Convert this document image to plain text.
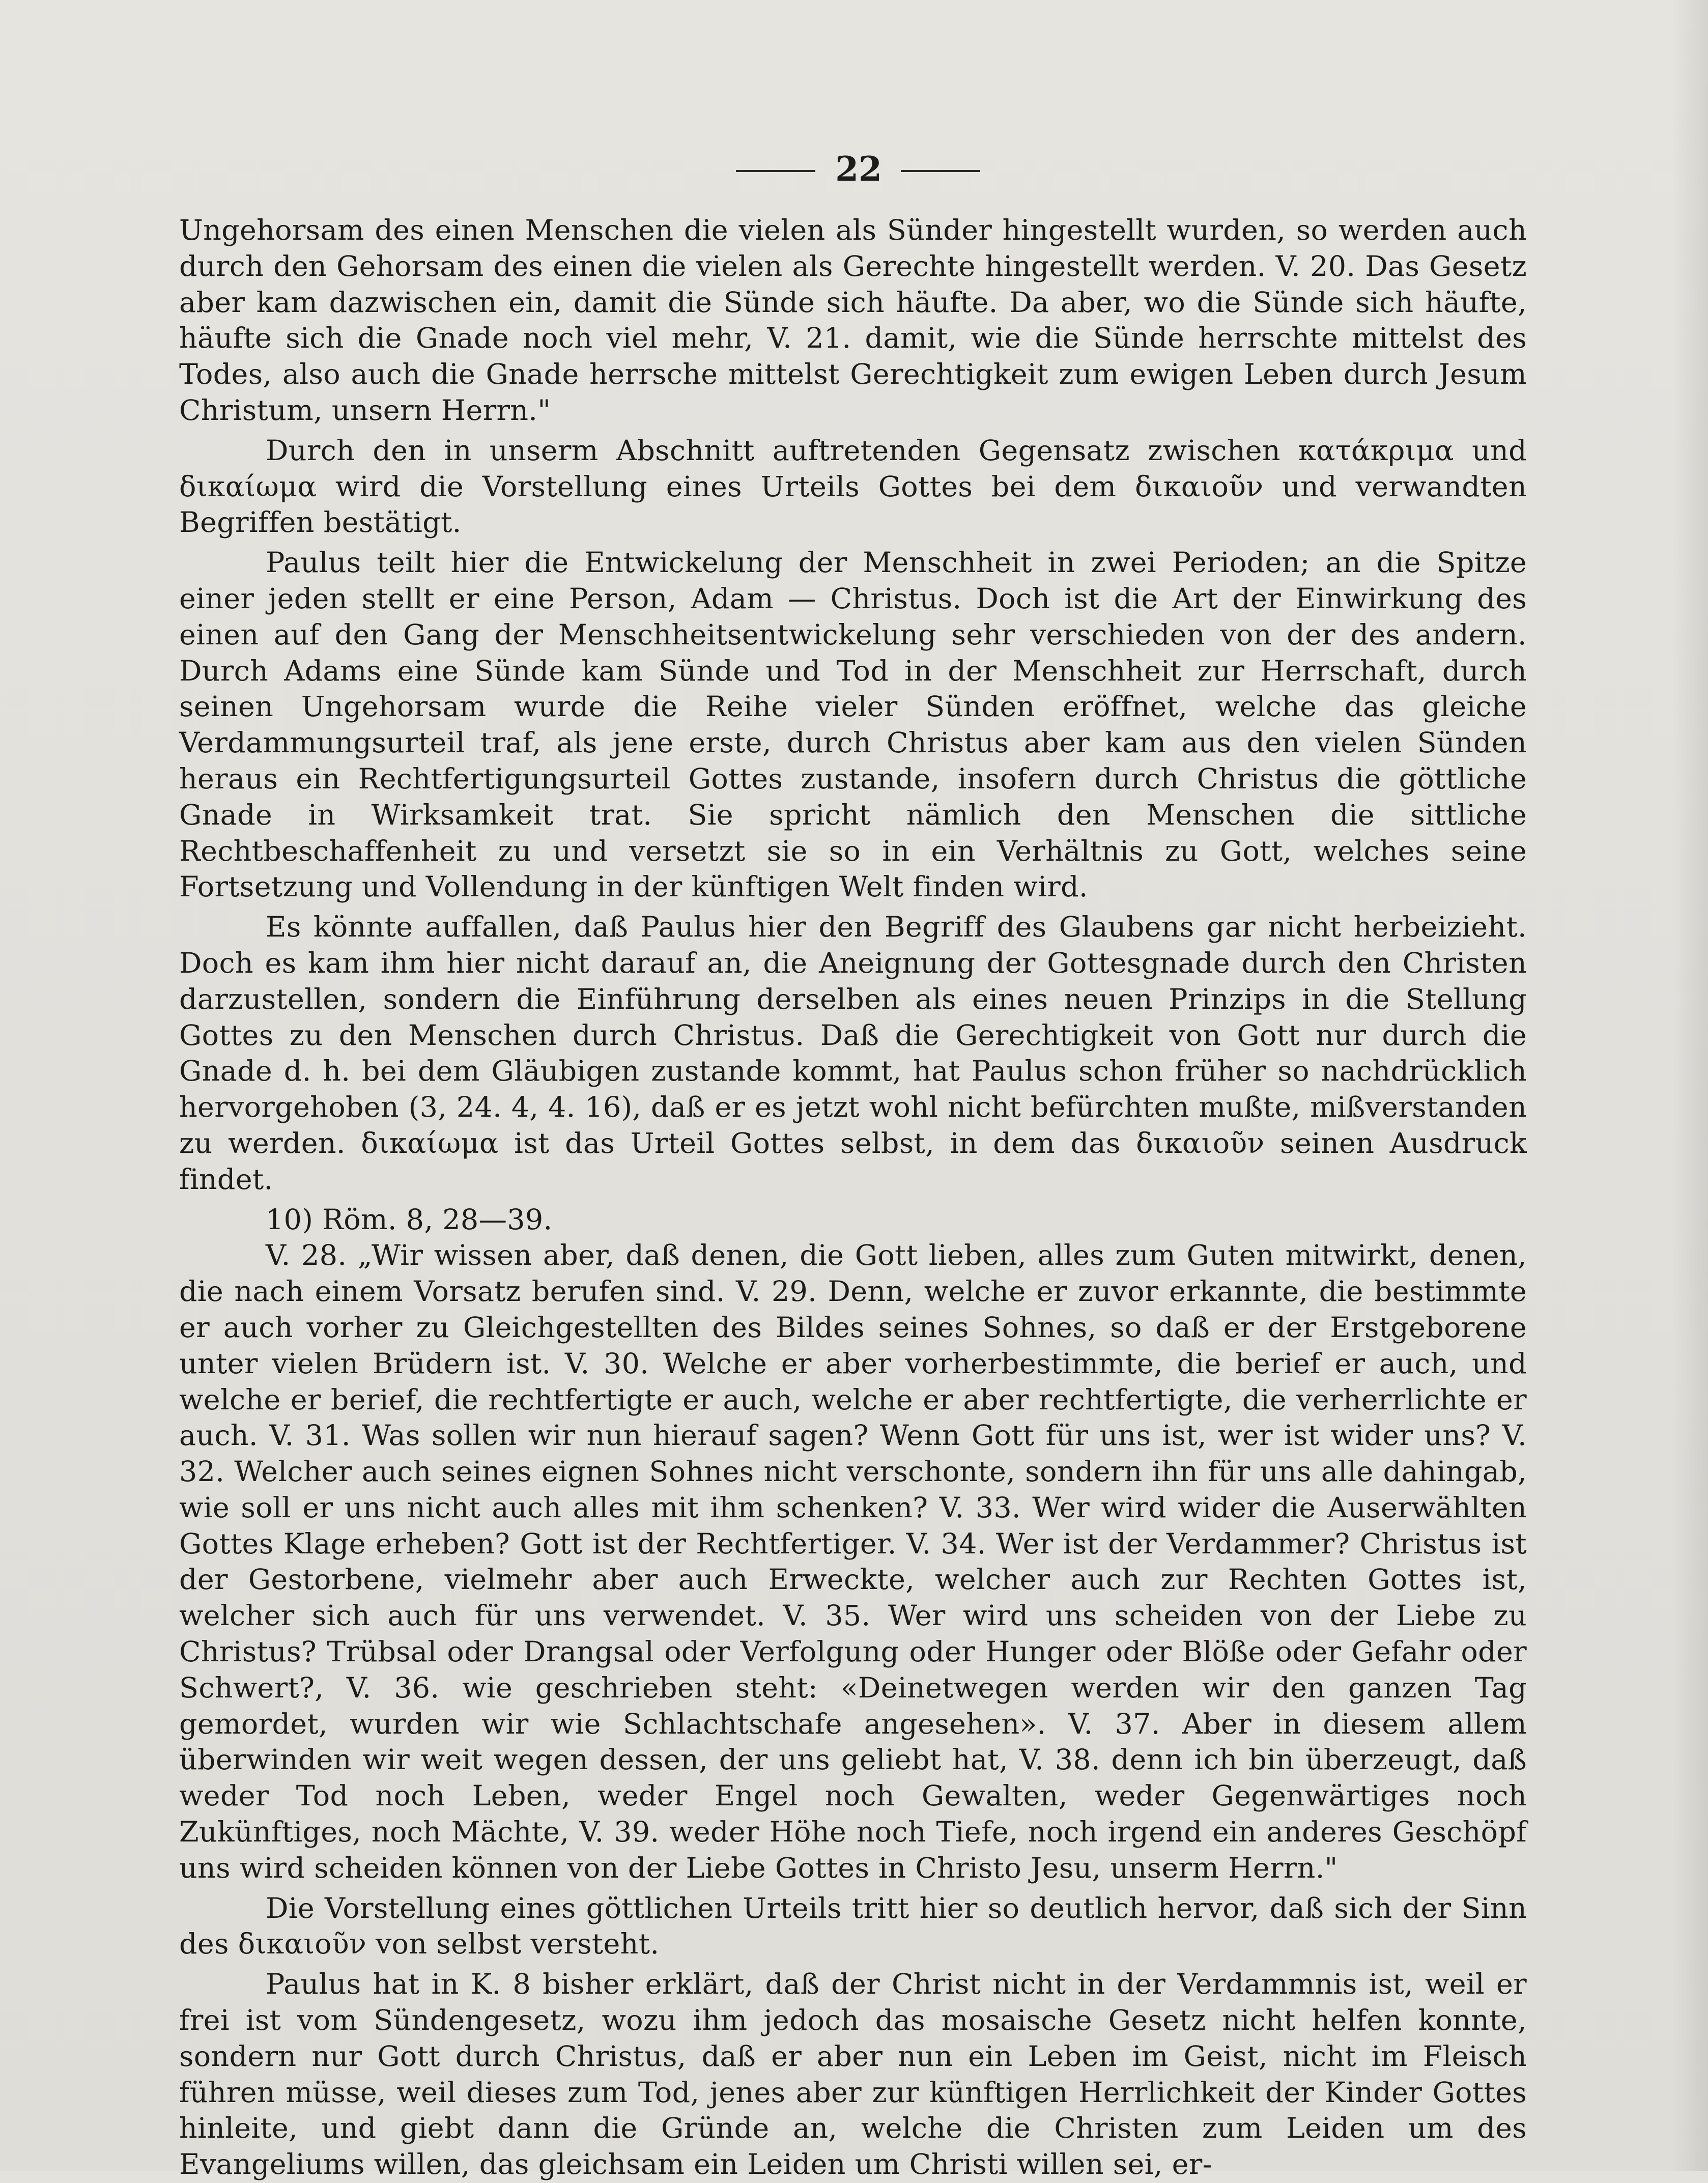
22

Ungehorsam des einen Menschen die vielen als Sünder hingestellt wurden, so werden auch durch den Gehorsam des einen die vielen als Gerechte hingestellt werden. V. 20. Das Gesetz aber kam dazwischen ein, damit die Sünde sich häufte. Da aber, wo die Sünde sich häufte, häufte sich die Gnade noch viel mehr, V. 21. damit, wie die Sünde herrschte mittelst des Todes, also auch die Gnade herrsche mittelst Gerechtigkeit zum ewigen Leben durch Jesum Christum, unsern Herrn."

Durch den in unserm Abschnitt auftretenden Gegensatz zwischen κατάκριμα und δικαίωμα wird die Vorstellung eines Urteils Gottes bei dem δικαιοῦν und verwandten Begriffen bestätigt.

Paulus teilt hier die Entwickelung der Menschheit in zwei Perioden; an die Spitze einer jeden stellt er eine Person, Adam — Christus. Doch ist die Art der Einwirkung des einen auf den Gang der Menschheitsentwickelung sehr verschieden von der des andern. Durch Adams eine Sünde kam Sünde und Tod in der Menschheit zur Herrschaft, durch seinen Ungehorsam wurde die Reihe vieler Sünden eröffnet, welche das gleiche Verdammungsurteil traf, als jene erste, durch Christus aber kam aus den vielen Sünden heraus ein Rechtfertigungsurteil Gottes zustande, insofern durch Christus die göttliche Gnade in Wirksamkeit trat. Sie spricht nämlich den Menschen die sittliche Rechtbeschaffenheit zu und versetzt sie so in ein Verhältnis zu Gott, welches seine Fortsetzung und Vollendung in der künftigen Welt finden wird.

Es könnte auffallen, daß Paulus hier den Begriff des Glaubens gar nicht herbeizieht. Doch es kam ihm hier nicht darauf an, die Aneignung der Gottesgnade durch den Christen darzustellen, sondern die Einführung derselben als eines neuen Prinzips in die Stellung Gottes zu den Menschen durch Christus. Daß die Gerechtigkeit von Gott nur durch die Gnade d. h. bei dem Gläubigen zustande kommt, hat Paulus schon früher so nachdrücklich hervorgehoben (3, 24. 4, 4. 16), daß er es jetzt wohl nicht befürchten mußte, mißverstanden zu werden. δικαίωμα ist das Urteil Gottes selbst, in dem das δικαιοῦν seinen Ausdruck findet.

10) Röm. 8, 28—39.

V. 28. „Wir wissen aber, daß denen, die Gott lieben, alles zum Guten mitwirkt, denen, die nach einem Vorsatz berufen sind. V. 29. Denn, welche er zuvor erkannte, die bestimmte er auch vorher zu Gleichgestellten des Bildes seines Sohnes, so daß er der Erstgeborene unter vielen Brüdern ist. V. 30. Welche er aber vorherbestimmte, die berief er auch, und welche er berief, die rechtfertigte er auch, welche er aber rechtfertigte, die verherrlichte er auch. V. 31. Was sollen wir nun hierauf sagen? Wenn Gott für uns ist, wer ist wider uns? V. 32. Welcher auch seines eignen Sohnes nicht verschonte, sondern ihn für uns alle dahingab, wie soll er uns nicht auch alles mit ihm schenken? V. 33. Wer wird wider die Auserwählten Gottes Klage erheben? Gott ist der Rechtfertiger. V. 34. Wer ist der Verdammer? Christus ist der Gestorbene, vielmehr aber auch Erweckte, welcher auch zur Rechten Gottes ist, welcher sich auch für uns verwendet. V. 35. Wer wird uns scheiden von der Liebe zu Christus? Trübsal oder Drangsal oder Verfolgung oder Hunger oder Blöße oder Gefahr oder Schwert?, V. 36. wie geschrieben steht: «Deinetwegen werden wir den ganzen Tag gemordet, wurden wir wie Schlachtschafe angesehen». V. 37. Aber in diesem allem überwinden wir weit wegen dessen, der uns geliebt hat, V. 38. denn ich bin überzeugt, daß weder Tod noch Leben, weder Engel noch Gewalten, weder Gegenwärtiges noch Zukünftiges, noch Mächte, V. 39. weder Höhe noch Tiefe, noch irgend ein anderes Geschöpf uns wird scheiden können von der Liebe Gottes in Christo Jesu, unserm Herrn."

Die Vorstellung eines göttlichen Urteils tritt hier so deutlich hervor, daß sich der Sinn des δικαιοῦν von selbst versteht.

Paulus hat in K. 8 bisher erklärt, daß der Christ nicht in der Verdammnis ist, weil er frei ist vom Sündengesetz, wozu ihm jedoch das mosaische Gesetz nicht helfen konnte, sondern nur Gott durch Christus, daß er aber nun ein Leben im Geist, nicht im Fleisch führen müsse, weil dieses zum Tod, jenes aber zur künftigen Herrlichkeit der Kinder Gottes hinleite, und giebt dann die Gründe an, welche die Christen zum Leiden um des Evangeliums willen, das gleichsam ein Leiden um Christi willen sei, er-
